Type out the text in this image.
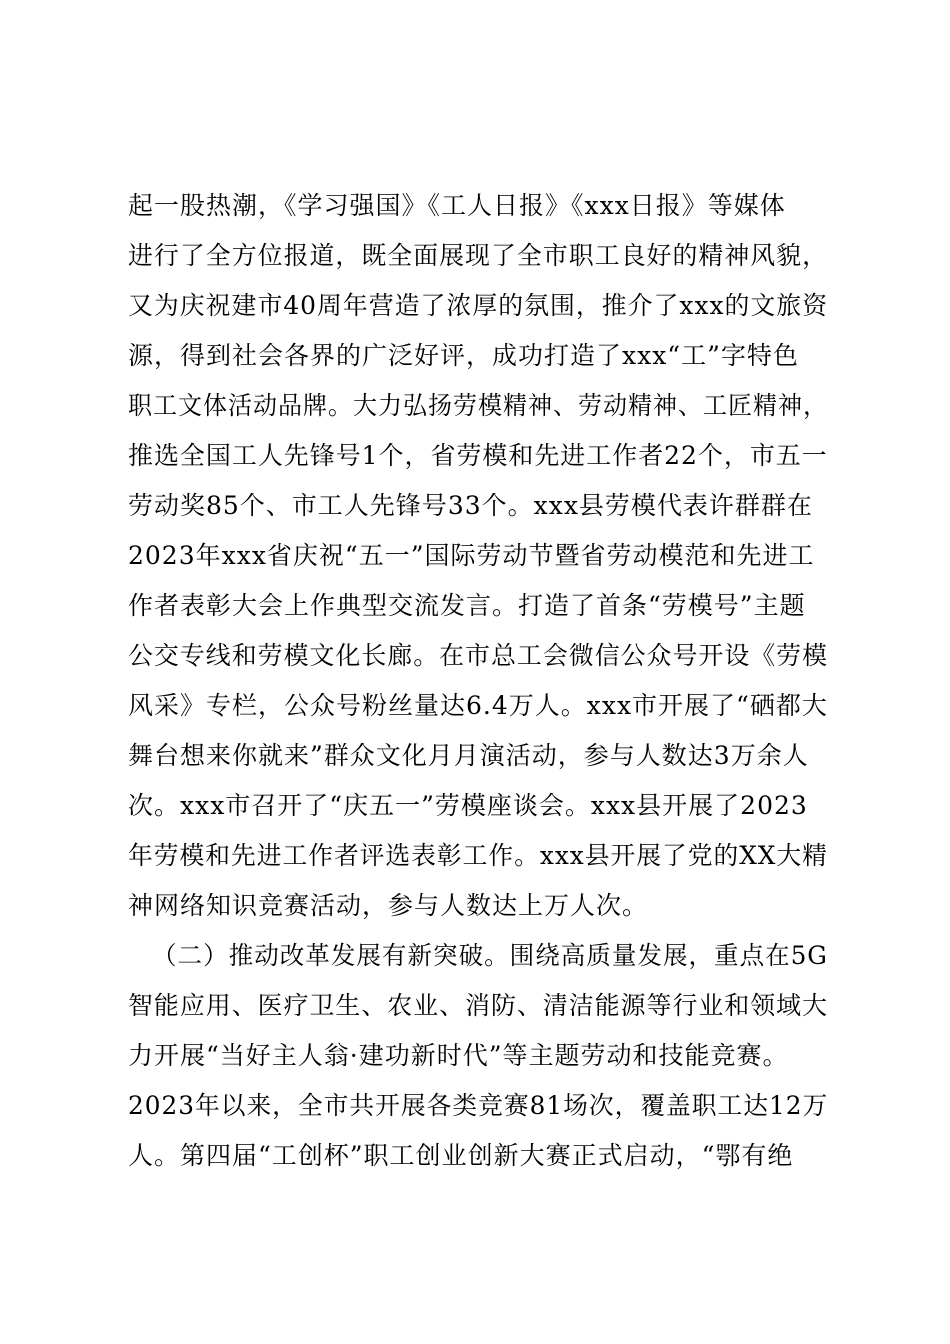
起一股热潮，《学习强国》《工人日报》《xxx日报》等媒体
进行了全方位报道，既全面展现了全市职工良好的精神风貌，
又为庆祝建市40周年营造了浓厚的氛围，推介了xxx的文旅资
源，得到社会各界的广泛好评，成功打造了xxx“工”字特色
职工文体活动品牌。大力弘扬劳模精神、劳动精神、工匠精神，
推选全国工人先锋号1个，省劳模和先进工作者22个，市五一
劳动奖85个、市工人先锋号33个。xxx县劳模代表许群群在
2023年xxx省庆祝“五一”国际劳动节暨省劳动模范和先进工
作者表彰大会上作典型交流发言。打造了首条“劳模号”主题
公交专线和劳模文化长廊。在市总工会微信公众号开设《劳模
风采》专栏，公众号粉丝量达6.4万人。xxx市开展了“硒都大
舞台想来你就来”群众文化月月演活动，参与人数达3万余人
次。xxx市召开了“庆五一”劳模座谈会。xxx县开展了2023
年劳模和先进工作者评选表彰工作。xxx县开展了党的XX大精
神网络知识竞赛活动，参与人数达上万人次。
（二）推动改革发展有新突破。围绕高质量发展，重点在5G
智能应用、医疗卫生、农业、消防、清洁能源等行业和领域大
力开展“当好主人翁·建功新时代”等主题劳动和技能竞赛。
2023年以来，全市共开展各类竞赛81场次，覆盖职工达12万
人。第四届“工创杯”职工创业创新大赛正式启动，“鄂有绝
